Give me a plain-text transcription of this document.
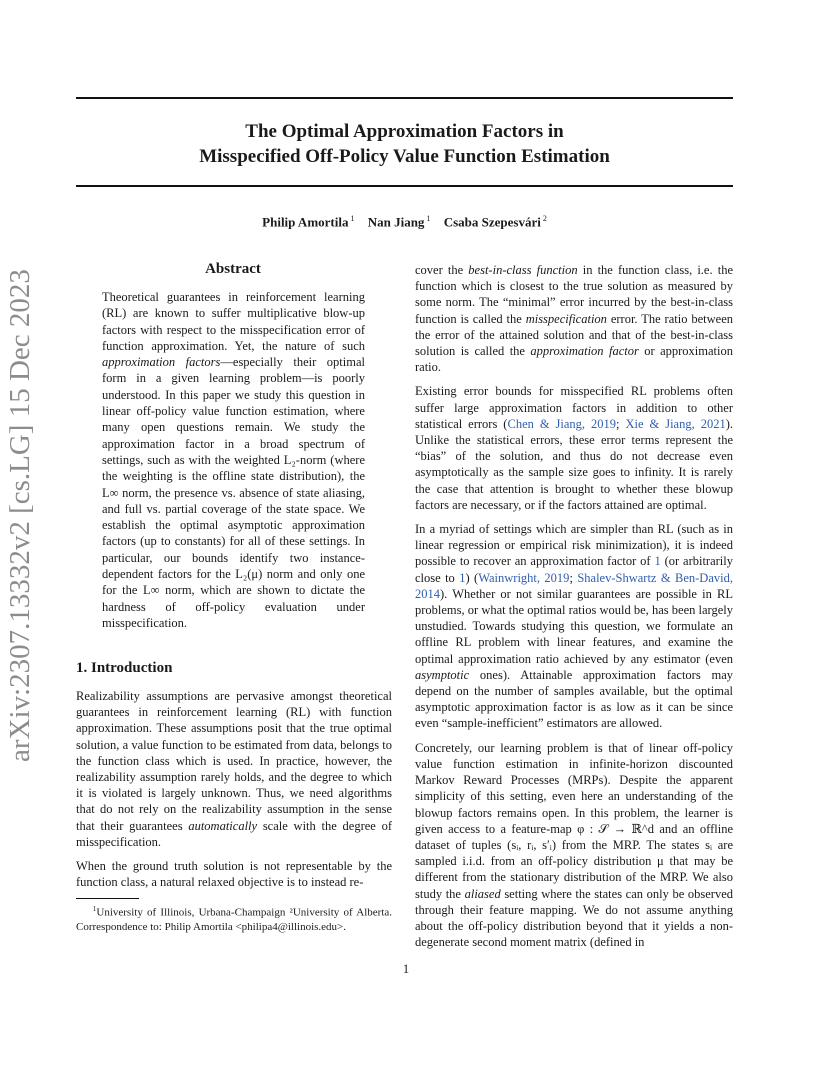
arXiv:2307.13332v2 [cs.LG] 15 Dec 2023
The Optimal Approximation Factors in
Misspecified Off-Policy Value Function Estimation
Philip Amortila $^1$ Nan Jiang $^1$ Csaba Szepesvári $^2$
Abstract
Theoretical guarantees in reinforcement learning (RL) are known to suffer multiplicative blow-up factors with respect to the misspecification error of function approximation. Yet, the nature of such approximation factors—especially their optimal form in a given learning problem—is poorly understood. In this paper we study this question in linear off-policy value function estimation, where many open questions remain. We study the approximation factor in a broad spectrum of settings, such as with the weighted L₂-norm (where the weighting is the offline state distribution), the L∞ norm, the presence vs. absence of state aliasing, and full vs. partial coverage of the state space. We establish the optimal asymptotic approximation factors (up to constants) for all of these settings. In particular, our bounds identify two instance-dependent factors for the L₂(μ) norm and only one for the L∞ norm, which are shown to dictate the hardness of off-policy evaluation under misspecification.
1. Introduction

Realizability assumptions are pervasive amongst theoretical guarantees in reinforcement learning (RL) with function approximation. These assumptions posit that the true optimal solution, a value function to be estimated from data, belongs to the function class which is used. In practice, however, the realizability assumption rarely holds, and the degree to which it is violated is largely unknown. Thus, we need algorithms that do not rely on the realizability assumption in the sense that their guarantees automatically scale with the degree of misspecification.

When the ground truth solution is not representable by the function class, a natural relaxed objective is to instead re-

$^1$University of Illinois, Urbana-Champaign ²University of Alberta. Correspondence to: Philip Amortila <philipa4@illinois.edu>.

cover the best-in-class function in the function class, i.e. the function which is closest to the true solution as measured by some norm. The “minimal” error incurred by the best-in-class function is called the misspecification error. The ratio between the error of the attained solution and that of the best-in-class solution is called the approximation factor or approximation ratio.

Existing error bounds for misspecified RL problems often suffer large approximation factors in addition to other statistical errors (Chen & Jiang, 2019; Xie & Jiang, 2021). Unlike the statistical errors, these error terms represent the “bias” of the solution, and thus do not decrease even asymptotically as the sample size goes to infinity. It is rarely the case that attention is brought to whether these blowup factors are necessary, or if the factors attained are optimal.

In a myriad of settings which are simpler than RL (such as in linear regression or empirical risk minimization), it is indeed possible to recover an approximation factor of 1 (or arbitrarily close to 1) (Wainwright, 2019; Shalev-Shwartz & Ben-David, 2014). Whether or not similar guarantees are possible in RL problems, or what the optimal ratios would be, has been largely unstudied. Towards studying this question, we formulate an offline RL problem with linear features, and examine the optimal approximation ratio achieved by any estimator (even asymptotic ones). Attainable approximation factors may depend on the number of samples available, but the optimal asymptotic approximation factor is as low as it can be since even “sample-inefficient” estimators are allowed.

Concretely, our learning problem is that of linear off-policy value function estimation in infinite-horizon discounted Markov Reward Processes (MRPs). Despite the apparent simplicity of this setting, even here an understanding of the blowup factors remains open. In this problem, the learner is given access to a feature-map φ : 𝒮 → ℝ^d and an offline dataset of tuples (sᵢ, rᵢ, s′ᵢ) from the MRP. The states sᵢ are sampled i.i.d. from an off-policy distribution μ that may be different from the stationary distribution of the MRP. We also study the aliased setting where the states can only be observed through their feature mapping. We do not assume anything about the off-policy distribution beyond that it yields a non-degenerate second moment matrix (defined in

1
